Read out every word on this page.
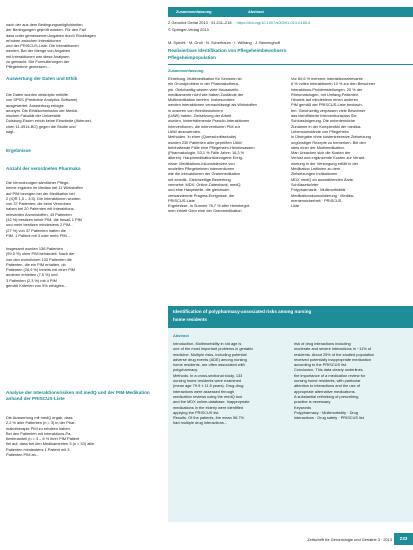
Zusammenfassung	Abstract
nach der aus dem Bedingungsmöglichkeiten
der Bedingungen geprüft wurden. Für den Fall
dass unter gemessenen Angaben durch Rückfragen
erhoben zwischen Interaktionen
und der PRISCUS-Liste. Die Interaktionen
werden. Bei der Menge von Angaben
mit Interaktionen war diese Analysen
zu gebracht. Die Formulierungen der
Pflegeheime gemessen...
Auswertung der Daten und Ethik
Die Daten wurden deskriptiv mithilfe
von SPSS (Predictive Analytics Software)
ausgewertet. Auswertung erfolgte
anonym. Die Ethikkommission der Medizi-
nischen Fakultät der Universität
Duisburg-Essen erhob keine Einwände (Aktenzei-
chen 11-4914-BO) gegen die Studie und
sagt...
Ergebnisse
Anzahl der verordneten Pharmaka
Die Verordnungen sämtlicher Pflege-
heime ergaben im Median bei 11 Wirkstoffen
auf PIM bezogen bei der Medikation bei
2 (IQR 1,5 – 3,5). Die Interaktionen wurden
von 37 Patienten; die beim Verordnen
haben bei 20 Patienten mit Interaktions-
relevanten Arzneistoffen, 43 Patienten
(32 %) besitzen keine PIM, die besaß 1 PIM
und mehr besitzen mindestens 2 PIM...
(27 %) von 37 Patienten hatten die
PIM. 1 Patient mit 3 oder mehr PIM...
Insgesamt wurden 136 Patienten
(99,5 %) ohne PIM behandelt. Nach der
von den wohnlichen 133 Patienten die
Patienten, die ein PIM erhalten, ob
Patienten (26,9 %) bereits mit einer PIM
anderen erhielten (7,5 %) und
3 Patienten (2,3 %) mit 4 PIM
gemäß Kriterien von 5% erfolgten...
Analyse der Interaktionsrisiken mit medQ und der PIM-Medikation anhand der PRISCUS-Liste
Die Auswertung mit medQ ergab, dass
2,2 % aller Patienten (n = 3) in der Phar-
makotherapie PIM zu erhalten haben.
Bei den Patienten mit Interaktions-Pa-
tientenanteil (n = 3 – 6 % ihrer PIM Patient
fiel auf, dass bei den Medikamenten 3 (n = 53) aller
Patienten mindestens 1 Patient mit 3
Patienten PIM an...
Z Gerontol Geriat 2013 · 51:211–218 https://doi.org/10.1007/s00391-013-0180-6
© Springer-Verlag 2013
M. Specht · M. Groll · N. Scherbaum · I. Willrang · J. Benninghoff
Realisierbare Identifikation von Pflegeheimbewohnern
Pflegeheimpopulation
Zusammenfassung
Einleitung. Multimedikation für Senioren ist
ein Grundproblem in der Pharmakothera-
pie. Gleichzeitig wissen viele Hausarzt/in-
medikamente nicht wie haben Zustände der
Multimedikation kennen. Insbesondere
werden Interaktionen vernachlässigt als Wirkstoffen
in unseren von Heimbewohnern
(UAW) haben. Zielsetzung der Arbeit
wurden, hinterfrähmende Pseudo-Interaktionen
Interventionen, die interventionen PIM zur
UAW anzuwenden.
Methoden. In einer (Querschnittsstudie)
wurden 230 Patienten aller geprüften UAW
beinhaltende Fälle eine Pflegeheim-Heiminsassen
(Pharmakologie, 53,1 % Fälle Jahre; 16,3 %
älteren). Hauptmedikationsbezogene Ereig-
nisse: Medikations-Inkonsistenzen von
modellen Pflegeheimen interventionen
wie die Interaktionen der Grammedikation
mit zmedik. Gleichzeitige Bewertung
vermehrt: MDX: Online-Datenbank, medQ,
und eine Hauptstelle, die gleichsam
verwandernde Pragma-Ereignisse, die
PRISCUS-Liste.
Ergebnisse. In Summe 78,7 % aller Heimbegut-
men erhielt Gem eine der Grammedikation
Vor 60,6 % mehrere Interaktionsrelevante
6 % vollen Interaktionen 10 % zur den Bewohner
Interaktions-Problemstellungen. 25 % der
Rheumatologen, mit Umfang-Patienten.
Hinweis auf mindestens einen anderen
PIM gemäß der PRISCUS-Liste beobach-
ten. Gleichzeitig verpassen viele Bewohner
das identifizierte Interventionsplan Sie
Schlussfolgerung. Die unbedenkliche
Zunahme in der Komplexität der medika-
Lebensumstände von Pflegeheim
in Übergabe ohne kostenintensive Zielsetzung
ungünstiger Rezepte zu bemerken. Bei den
stets einer der Multimedikation.
Man Ursachen sich die Kosten der
Verlust und ergänzende Kosten zur Verant-
wortung in der Versorgung erfüllt in der
Medikation Leitlinien zu dem
Zielsetzungen Indikationen
MDX medQ an auswählenden Ärzte.
Schlüsselwörter
Polypharmazie · Multimorbidität ·
Medikationskonsolidierung · Medika-
mentensicherheit · PRISCUS-
Liste
Identification of polypharmacy-associated risks among nursing
home residents
Abstract
Introduction. Multimorbidity in old age is
one of the most important problems in geriatric
medicine. Multiple risks, including potential
adverse drug events (ADE) among nursing
home residents, are often associated with
polypharmacy.
Methods. In a cross-sectional study, 133
nursing home residents were examined
(mean age 79.9 ± 11.5 years). Drug-drug
interactions were assessed through
medication reviews using the medQ tool
and the MDX online-database. Inappropriate
medications in the elderly were identified
applying the PRISCUS list.
Results. Of the patients, the mean 96.7%
had multiple drug interactions...
risk of drug interactions including
moderate and severe interactions in ~11% of
residents. About 25% of the studied population
received potentially inappropriate medication
according to the PRISCUS list.
Conclusion. This data clearly underlines
the importance of a medication review for
nursing home residents, with particular
attention to interactions and the use of
appropriate alternative medications.
A substantial rethinking of prescribing
practice is necessary.
Keywords
Polypharmacy · Multimorbidity · Drug
interactions · Drug safety · PRISCUS list
Zeitschrift für Gerontologie und Geriatrie 3 · 2013	233
